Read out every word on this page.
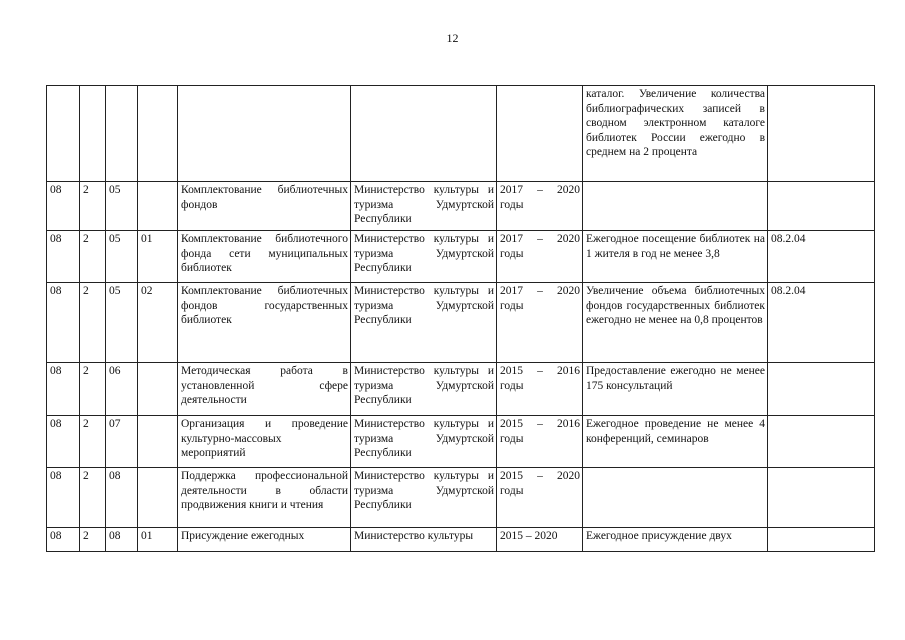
12
							каталог. Увеличение количества библиографических записей в сводном электронном каталоге библиотек России ежегодно в среднем на 2 процента	
08	2	05		Комплектование библиотечных фондов	Министерство культуры и туризма Удмуртской Республики	2017 – 2020 годы		
08	2	05	01	Комплектование библиотечного фонда сети муниципальных библиотек	Министерство культуры и туризма Удмуртской Республики	2017 – 2020 годы	Ежегодное посещение библиотек на 1 жителя в год не менее 3,8	08.2.04
08	2	05	02	Комплектование библиотечных фондов государственных библиотек	Министерство культуры и туризма Удмуртской Республики	2017 – 2020 годы	Увеличение объема библиотечных фондов государственных библиотек ежегодно не менее на 0,8 процентов	08.2.04
08	2	06		Методическая работа в установленной сфере деятельности	Министерство культуры и туризма Удмуртской Республики	2015 – 2016 годы	Предоставление ежегодно не менее 175 консультаций	
08	2	07		Организация и проведение культурно-массовых мероприятий	Министерство культуры и туризма Удмуртской Республики	2015 – 2016 годы	Ежегодное проведение не менее 4 конференций, семинаров	
08	2	08		Поддержка профессиональной деятельности в области продвижения книги и чтения	Министерство культуры и туризма Удмуртской Республики	2015 – 2020 годы		
08	2	08	01	Присуждение ежегодных	Министерство культуры	2015 – 2020	Ежегодное присуждение двух	
